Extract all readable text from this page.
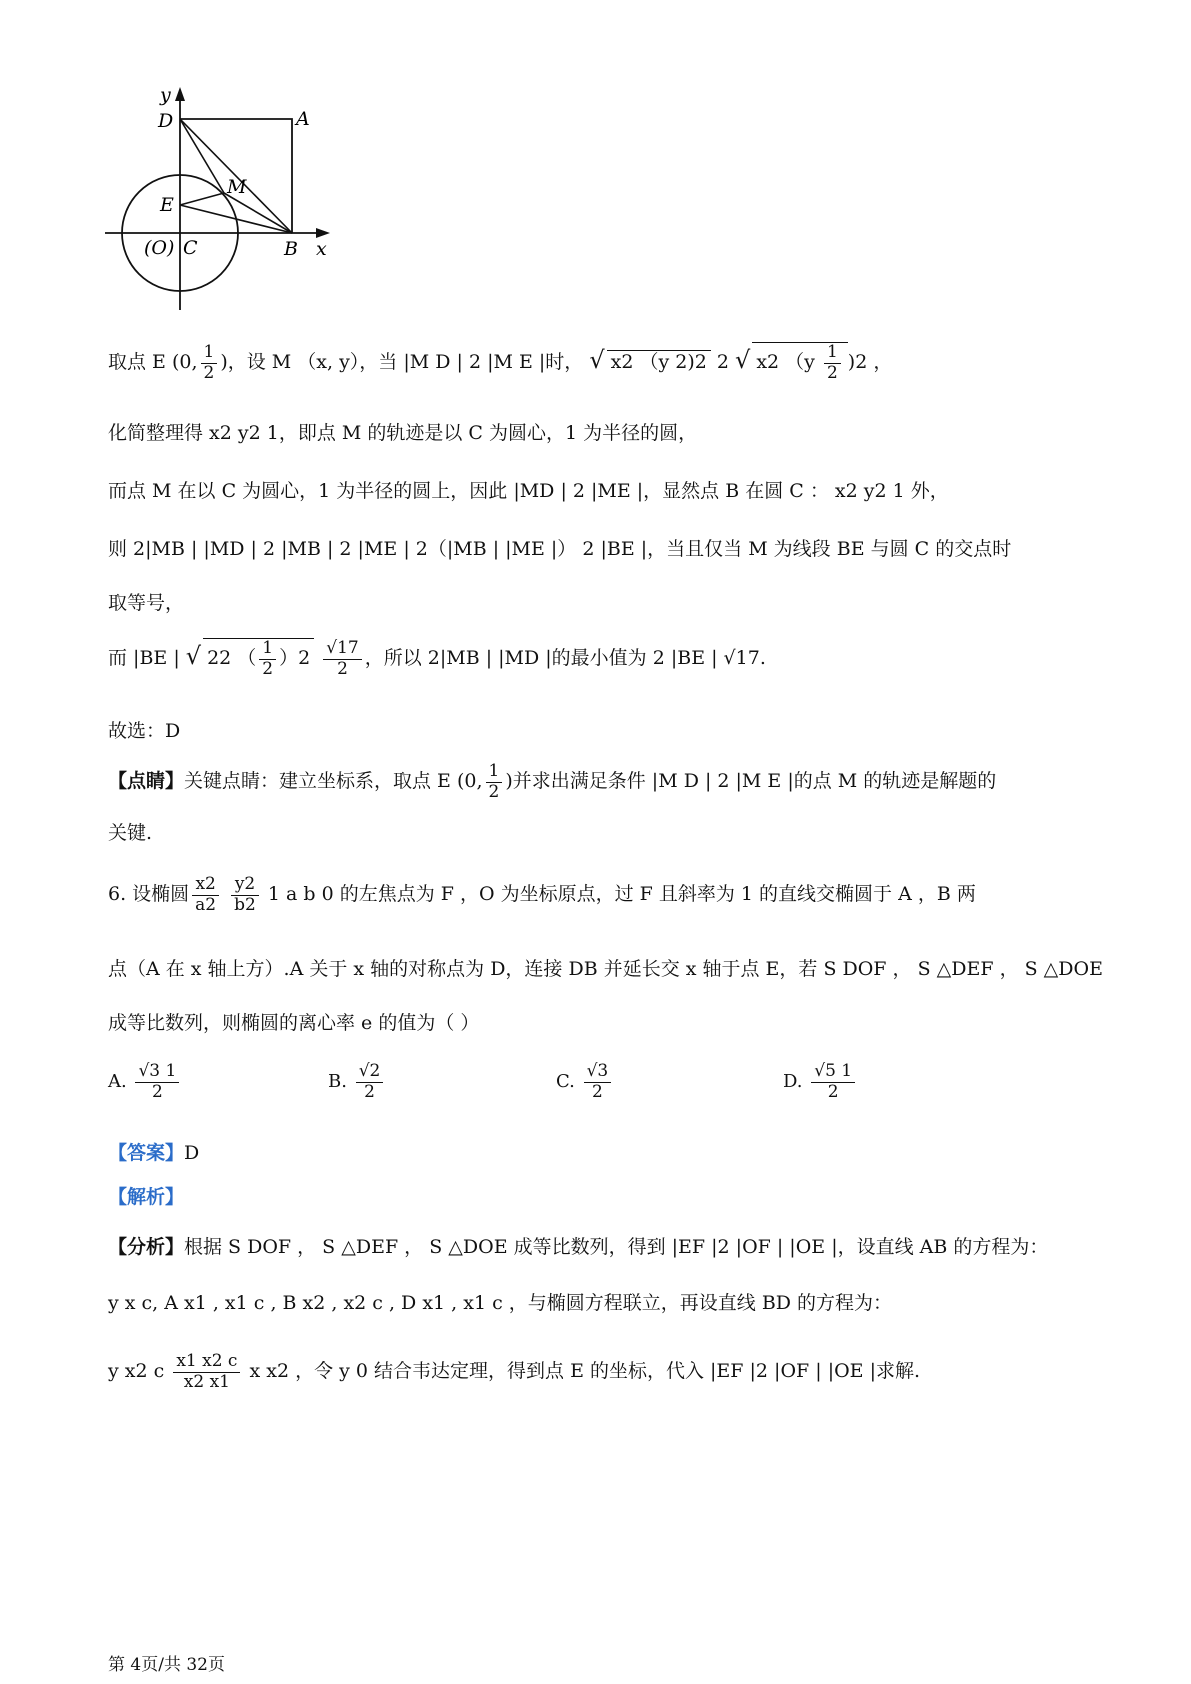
y
D	A
M
E
(O) C	B x
取点 E (0, $\frac{1}{2}$ )，设 M （x, y），当 |M D | 2 |M E |时， √ x2 （y 2)2 2 √ x2 $(y \frac{1}{2} )2$ ，
化简整理得 x2 y2 1，即点 M 的轨迹是以 C 为圆心，1 为半径的圆，
而点 M 在以 C 为圆心，1 为半径的圆上，因此 |MD | 2 |ME |，显然点 B 在圆 C ： x2 y2 1 外，
则 2|MB | |MD | 2 |MB | 2 |ME | 2（|MB | |ME |） 2 |BE |，当且仅当 M 为线段 BE 与圆 C 的交点时
取等号，
而 |BE | √ 22 （ $\frac{1}{2} )2 \frac{√17}{2}$ ，所以 2|MB | |MD |的最小值为 2 |BE | √17.
故选：D
【点睛】关键点睛：建立坐标系，取点 E (0, $\frac{1}{2}$ )并求出满足条件 |M D | 2 |M E |的点 M 的轨迹是解题的
关键.
6. 设椭圆 $\frac{x2}{a2}$
$\frac{y2}{b2} 1$ a b 0 的左焦点为 F ，O 为坐标原点，过 F 且斜率为 1 的直线交椭圆于 A ，B 两
点（A 在 x 轴上方）.A 关于 x 轴的对称点为 D，连接 DB 并延长交 x 轴于点 E，若 S DOF ， S △DEF ， S △DOE
成等比数列，则椭圆的离心率 e 的值为（ ）
A. $\frac{√3 1}{2}$	B. $\frac{√2}{2}$	C. $\frac{√3}{2}$	D. $\frac{√5 1}{2}$
【答案】D
【解析】
【分析】根据 S DOF ， S △DEF ， S △DOE 成等比数列，得到 |EF |2 |OF | |OE |，设直线 AB 的方程为：
y x c, A x1 , x1 c , B x2 , x2 c , D x1 , x1 c ，与椭圆方程联立，再设直线 BD 的方程为：
y x2 c $\frac{x1 x2 c}{x2 x1}$ x x2 ，令 y 0 结合韦达定理，得到点 E 的坐标，代入 |EF |2 |OF | |OE |求解.
第 4页/共 32页
